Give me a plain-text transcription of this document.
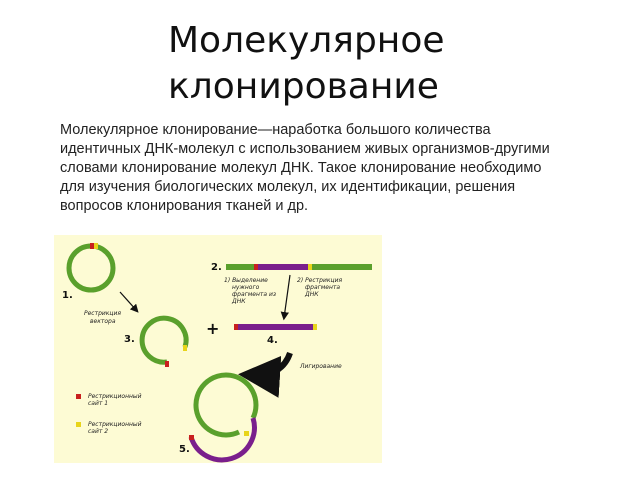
Молекулярное
клонирование

Молекулярное клонирование—наработка большого количества идентичных ДНК-молекул с использованием живых организмов-другими словами клонирование молекул ДНК. Такое клонирование необходимо для изучения биологических молекул, их идентификации, решения вопросов клонирования тканей и др.

1.
Рестрикция
вектора
3.
+
2.
1) Выделение
нужного
фрагмента из
ДНК
2) Рестрикция
фрагмента
ДНК
4.
Лигирование
5.
Рестрикционный
сайт 1
Рестрикционный
сайт 2
